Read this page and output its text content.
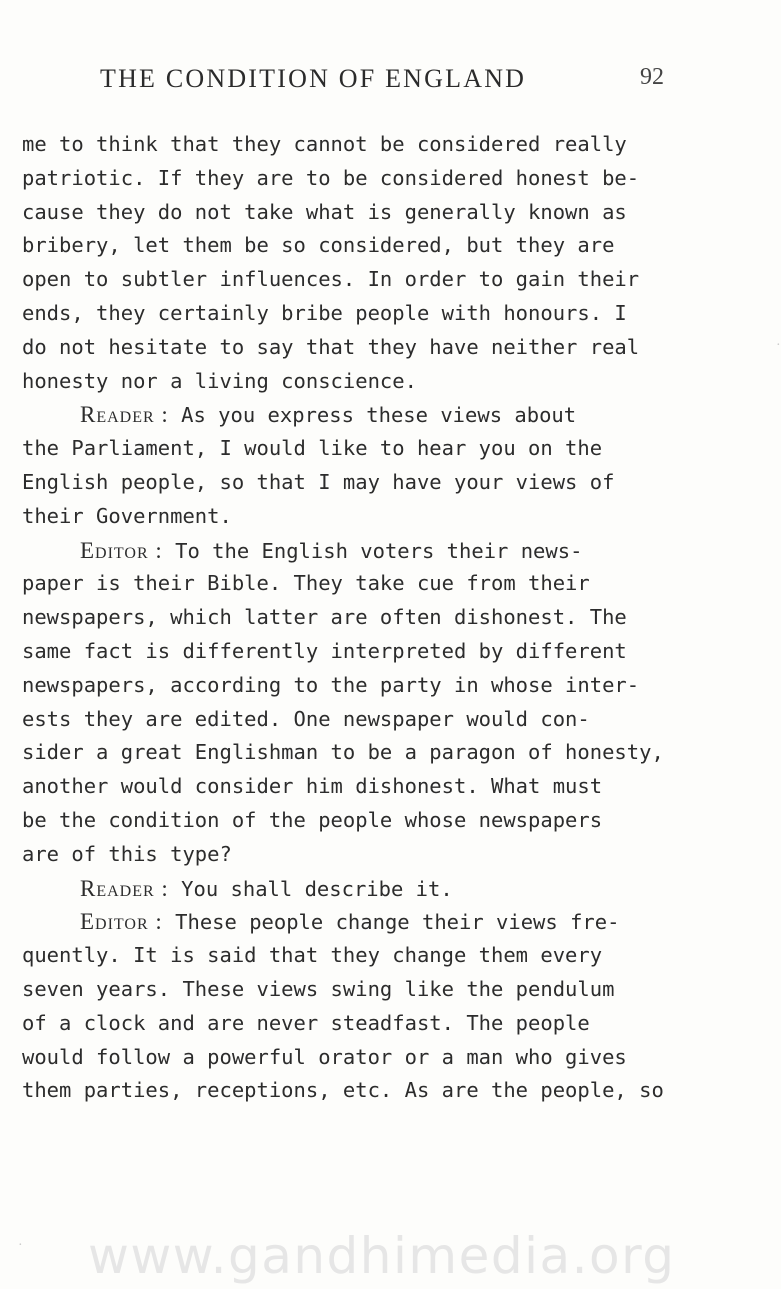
THE CONDITION OF ENGLAND	92
me to think that they cannot be considered really
patriotic. If they are to be considered honest be-
cause they do not take what is generally known as
bribery, let them be so considered, but they are
open to subtler influences. In order to gain their
ends, they certainly bribe people with honours. I
do not hesitate to say that they have neither real
honesty nor a living conscience.
Reader : As you express these views about
the Parliament, I would like to hear you on the
English people, so that I may have your views of
their Government.
Editor : To the English voters their news-
paper is their Bible. They take cue from their
newspapers, which latter are often dishonest. The
same fact is differently interpreted by different
newspapers, according to the party in whose inter-
ests they are edited. One newspaper would con-
sider a great Englishman to be a paragon of honesty,
another would consider him dishonest. What must
be the condition of the people whose newspapers
are of this type?
Reader : You shall describe it.
Editor : These people change their views fre-
quently. It is said that they change them every
seven years. These views swing like the pendulum
of a clock and are never steadfast. The people
would follow a powerful orator or a man who gives
them parties, receptions, etc. As are the people, so
www.gandhimedia.org
·
·
